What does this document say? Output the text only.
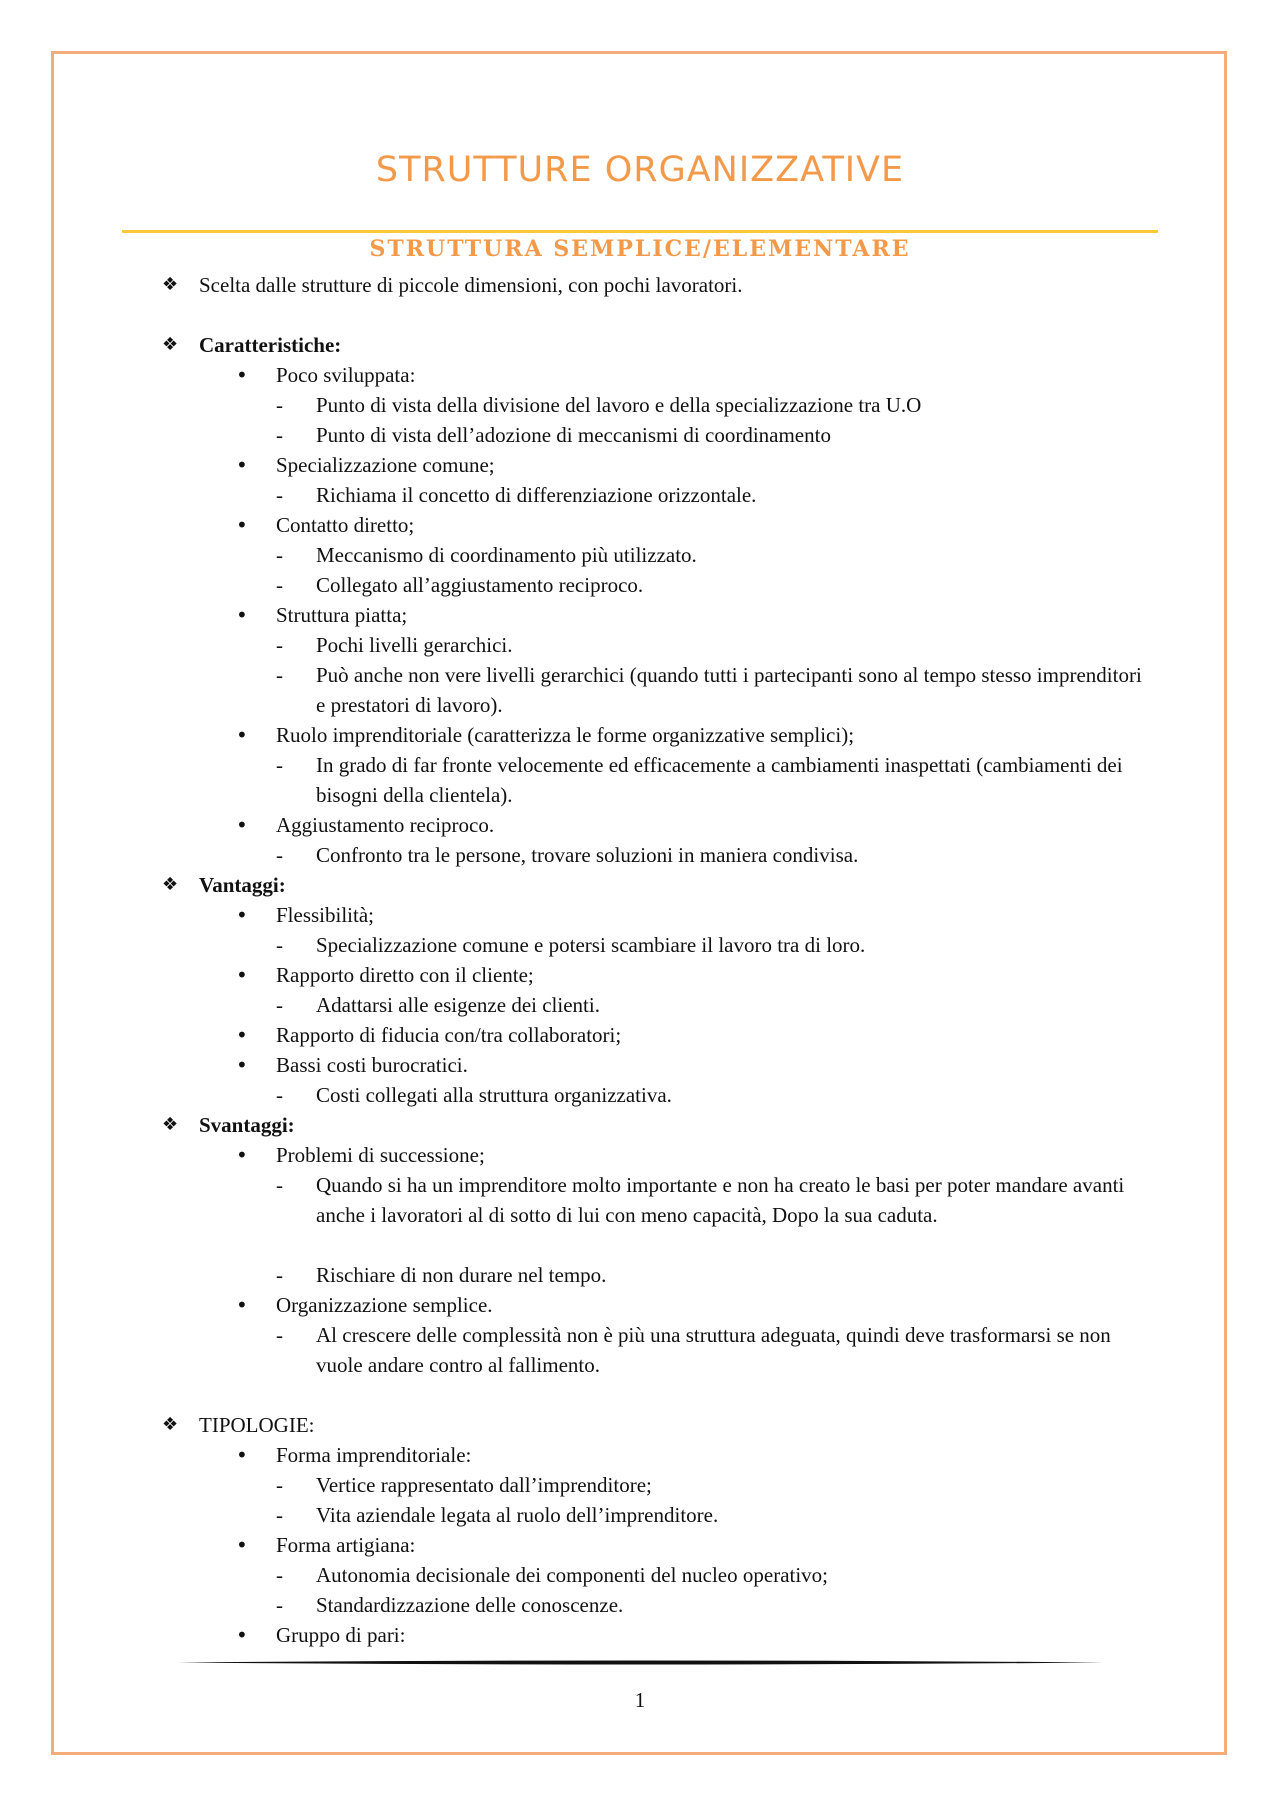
STRUTTURE ORGANIZZATIVE
STRUTTURA SEMPLICE/ELEMENTARE
❖ Scelta dalle strutture di piccole dimensioni, con pochi lavoratori.
❖ Caratteristiche:
• Poco sviluppata:
- Punto di vista della divisione del lavoro e della specializzazione tra U.O
- Punto di vista dell’adozione di meccanismi di coordinamento
• Specializzazione comune;
- Richiama il concetto di differenziazione orizzontale.
• Contatto diretto;
- Meccanismo di coordinamento più utilizzato.
- Collegato all’aggiustamento reciproco.
• Struttura piatta;
- Pochi livelli gerarchici.
- Può anche non vere livelli gerarchici (quando tutti i partecipanti sono al tempo stesso imprenditori e prestatori di lavoro).
• Ruolo imprenditoriale (caratterizza le forme organizzative semplici);
- In grado di far fronte velocemente ed efficacemente a cambiamenti inaspettati (cambiamenti dei bisogni della clientela).
• Aggiustamento reciproco.
- Confronto tra le persone, trovare soluzioni in maniera condivisa.
❖ Vantaggi:
• Flessibilità;
- Specializzazione comune e potersi scambiare il lavoro tra di loro.
• Rapporto diretto con il cliente;
- Adattarsi alle esigenze dei clienti.
• Rapporto di fiducia con/tra collaboratori;
• Bassi costi burocratici.
- Costi collegati alla struttura organizzativa.
❖ Svantaggi:
• Problemi di successione;
- Quando si ha un imprenditore molto importante e non ha creato le basi per poter mandare avanti anche i lavoratori al di sotto di lui con meno capacità, Dopo la sua caduta.
- Rischiare di non durare nel tempo.
• Organizzazione semplice.
- Al crescere delle complessità non è più una struttura adeguata, quindi deve trasformarsi se non vuole andare contro al fallimento.
❖ TIPOLOGIE:
• Forma imprenditoriale:
- Vertice rappresentato dall’imprenditore;
- Vita aziendale legata al ruolo dell’imprenditore.
• Forma artigiana:
- Autonomia decisionale dei componenti del nucleo operativo;
- Standardizzazione delle conoscenze.
• Gruppo di pari:
1
